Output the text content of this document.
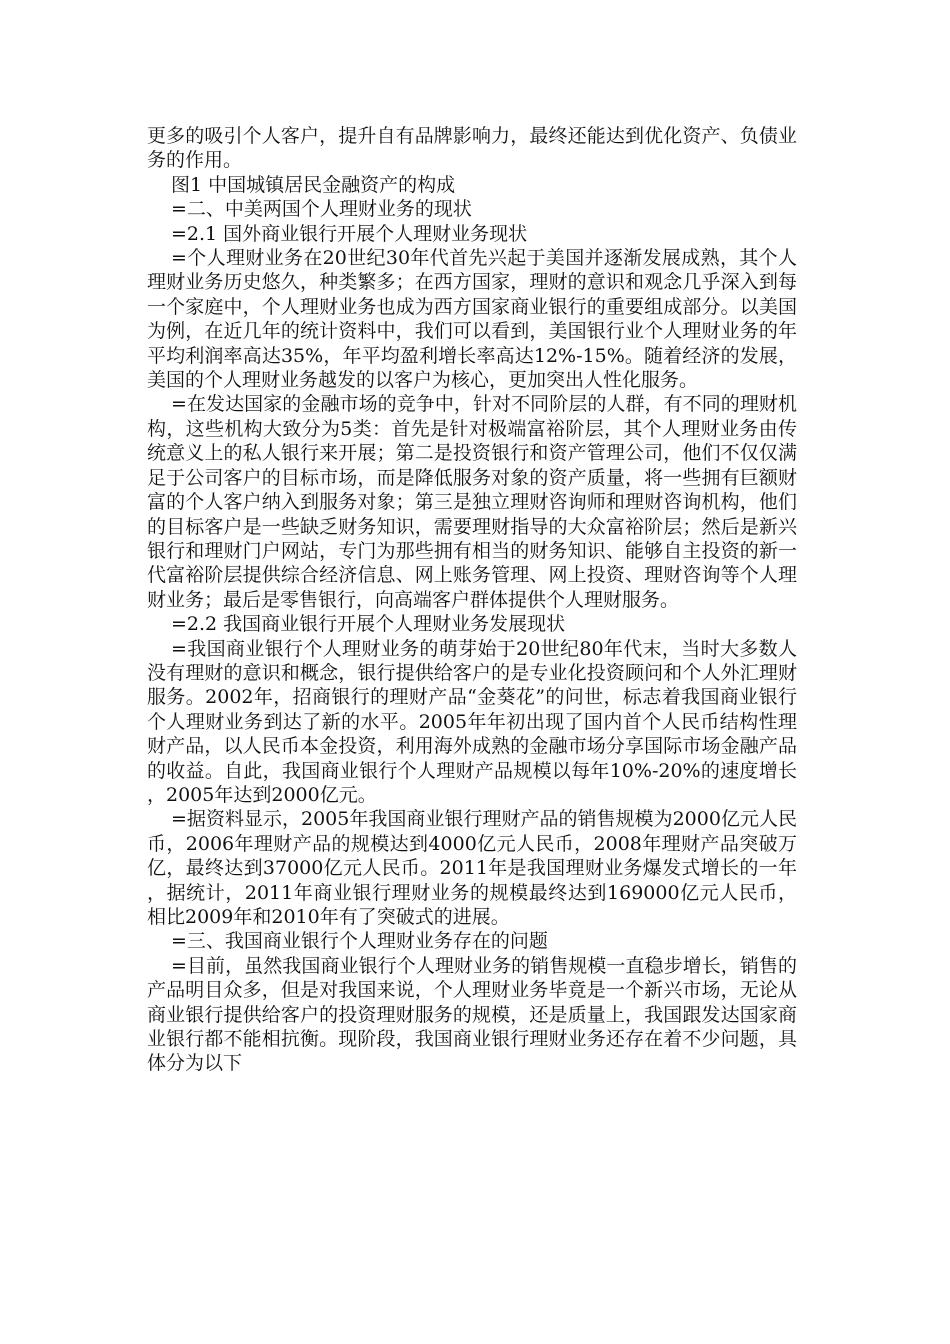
更多的吸引个人客户，提升自有品牌影响力，最终还能达到优化资产、负债业务的作用。

图1 中国城镇居民金融资产的构成

=二、中美两国个人理财业务的现状

=2.1 国外商业银行开展个人理财业务现状

=个人理财业务在20世纪30年代首先兴起于美国并逐渐发展成熟，其个人理财业务历史悠久，种类繁多；在西方国家，理财的意识和观念几乎深入到每一个家庭中，个人理财业务也成为西方国家商业银行的重要组成部分。以美国为例，在近几年的统计资料中，我们可以看到，美国银行业个人理财业务的年平均利润率高达35%，年平均盈利增长率高达12%-15%。随着经济的发展，美国的个人理财业务越发的以客户为核心，更加突出人性化服务。

=在发达国家的金融市场的竞争中，针对不同阶层的人群，有不同的理财机构，这些机构大致分为5类：首先是针对极端富裕阶层，其个人理财业务由传统意义上的私人银行来开展；第二是投资银行和资产管理公司，他们不仅仅满足于公司客户的目标市场，而是降低服务对象的资产质量，将一些拥有巨额财富的个人客户纳入到服务对象；第三是独立理财咨询师和理财咨询机构，他们的目标客户是一些缺乏财务知识，需要理财指导的大众富裕阶层；然后是新兴银行和理财门户网站，专门为那些拥有相当的财务知识、能够自主投资的新一代富裕阶层提供综合经济信息、网上账务管理、网上投资、理财咨询等个人理财业务；最后是零售银行，向高端客户群体提供个人理财服务。

=2.2 我国商业银行开展个人理财业务发展现状

=我国商业银行个人理财业务的萌芽始于20世纪80年代末，当时大多数人没有理财的意识和概念，银行提供给客户的是专业化投资顾问和个人外汇理财服务。2002年，招商银行的理财产品“金葵花”的问世，标志着我国商业银行个人理财业务到达了新的水平。2005年年初出现了国内首个人民币结构性理财产品，以人民币本金投资，利用海外成熟的金融市场分享国际市场金融产品的收益。自此，我国商业银行个人理财产品规模以每年10%-20%的速度增长，2005年达到2000亿元。

=据资料显示，2005年我国商业银行理财产品的销售规模为2000亿元人民币，2006年理财产品的规模达到4000亿元人民币，2008年理财产品突破万亿，最终达到37000亿元人民币。2011年是我国理财业务爆发式增长的一年，据统计，2011年商业银行理财业务的规模最终达到169000亿元人民币，相比2009年和2010年有了突破式的进展。

=三、我国商业银行个人理财业务存在的问题

=目前，虽然我国商业银行个人理财业务的销售规模一直稳步增长，销售的产品明目众多，但是对我国来说，个人理财业务毕竟是一个新兴市场，无论从商业银行提供给客户的投资理财服务的规模，还是质量上，我国跟发达国家商业银行都不能相抗衡。现阶段，我国商业银行理财业务还存在着不少问题，具体分为以下
